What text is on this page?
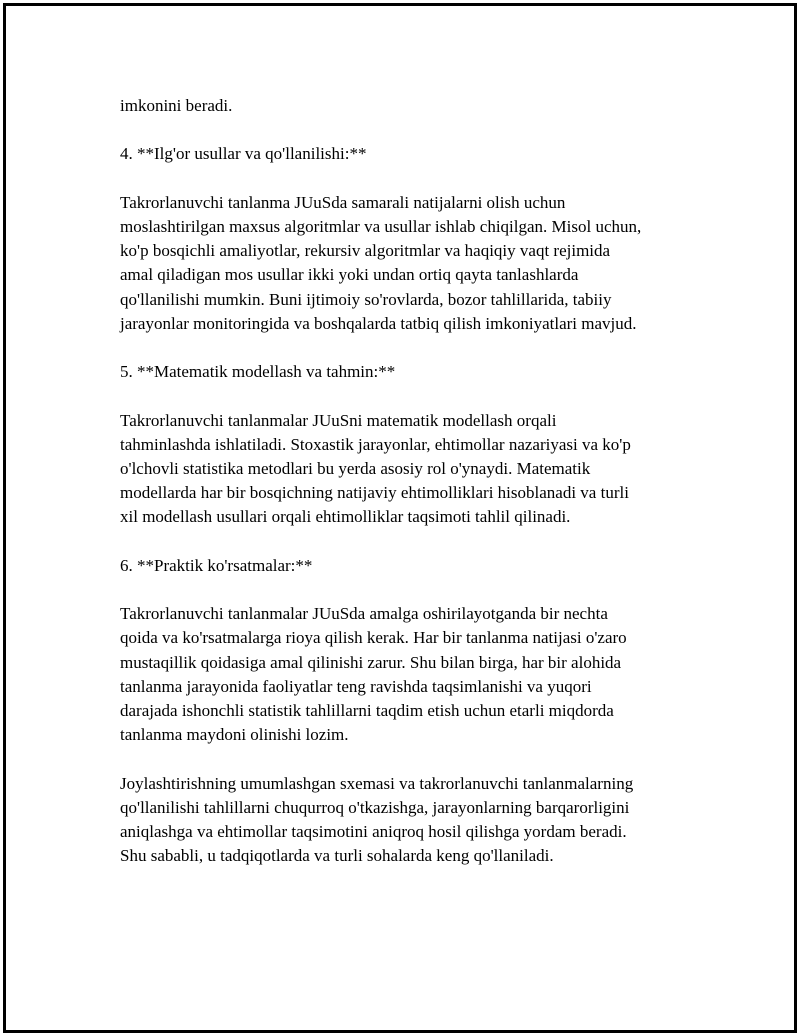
imkonini beradi.

4. **Ilg'or usullar va qo'llanilishi:**

Takrorlanuvchi tanlanma JUuSda samarali natijalarni olish uchun

moslashtirilgan maxsus algoritmlar va usullar ishlab chiqilgan. Misol uchun,

ko'p bosqichli amaliyotlar, rekursiv algoritmlar va haqiqiy vaqt rejimida

amal qiladigan mos usullar ikki yoki undan ortiq qayta tanlashlarda

qo'llanilishi mumkin. Buni ijtimoiy so'rovlarda, bozor tahlillarida, tabiiy

jarayonlar monitoringida va boshqalarda tatbiq qilish imkoniyatlari mavjud.

5. **Matematik modellash va tahmin:**

Takrorlanuvchi tanlanmalar JUuSni matematik modellash orqali

tahminlashda ishlatiladi. Stoxastik jarayonlar, ehtimollar nazariyasi va ko'p

o'lchovli statistika metodlari bu yerda asosiy rol o'ynaydi. Matematik

modellarda har bir bosqichning natijaviy ehtimolliklari hisoblanadi va turli

xil modellash usullari orqali ehtimolliklar taqsimoti tahlil qilinadi.

6. **Praktik ko'rsatmalar:**

Takrorlanuvchi tanlanmalar JUuSda amalga oshirilayotganda bir nechta

qoida va ko'rsatmalarga rioya qilish kerak. Har bir tanlanma natijasi o'zaro

mustaqillik qoidasiga amal qilinishi zarur. Shu bilan birga, har bir alohida

tanlanma jarayonida faoliyatlar teng ravishda taqsimlanishi va yuqori

darajada ishonchli statistik tahlillarni taqdim etish uchun etarli miqdorda

tanlanma maydoni olinishi lozim.

Joylashtirishning umumlashgan sxemasi va takrorlanuvchi tanlanmalarning

qo'llanilishi tahlillarni chuqurroq o'tkazishga, jarayonlarning barqarorligini

aniqlashga va ehtimollar taqsimotini aniqroq hosil qilishga yordam beradi.

Shu sababli, u tadqiqotlarda va turli sohalarda keng qo'llaniladi.
